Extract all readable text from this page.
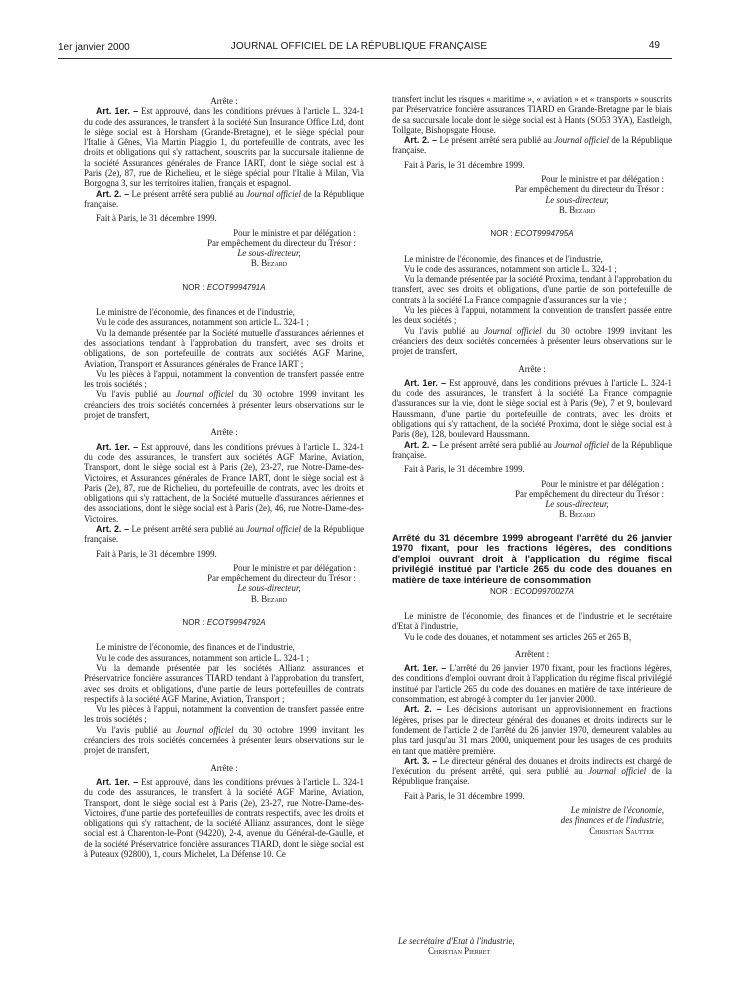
1er janvier 2000	JOURNAL OFFICIEL DE LA RÉPUBLIQUE FRANÇAISE	49

Arrête :

Art. 1er. – Est approuvé, dans les conditions prévues à l'article L. 324-1 du code des assurances, le transfert à la société Sun Insurance Office Ltd, dont le siège social est à Horsham (Grande-Bretagne), et le siège spécial pour l'Italie à Gênes, Via Martin Piaggio 1, du portefeuille de contrats, avec les droits et obligations qui s'y rattachent, souscrits par la succursale italienne de la société Assurances générales de France IART, dont le siège social est à Paris (2e), 87, rue de Richelieu, et le siège spécial pour l'Italie à Milan, Via Borgogna 3, sur les territoires italien, français et espagnol.

Art. 2. – Le présent arrêté sera publié au Journal officiel de la République française.

Fait à Paris, le 31 décembre 1999.

Pour le ministre et par délégation :

Par empêchement du directeur du Trésor :

Le sous-directeur,

B. Bezard

NOR : ECOT9994791A

Le ministre de l'économie, des finances et de l'industrie,

Vu le code des assurances, notamment son article L. 324-1 ;

Vu la demande présentée par la Société mutuelle d'assurances aériennes et des associations tendant à l'approbation du transfert, avec ses droits et obligations, de son portefeuille de contrats aux sociétés AGF Marine, Aviation, Transport et Assurances générales de France IART ;

Vu les pièces à l'appui, notamment la convention de transfert passée entre les trois sociétés ;

Vu l'avis publié au Journal officiel du 30 octobre 1999 invitant les créanciers des trois sociétés concernées à présenter leurs observations sur le projet de transfert,

Arrête :

Art. 1er. – Est approuvé, dans les conditions prévues à l'article L. 324-1 du code des assurances, le transfert aux sociétés AGF Marine, Aviation, Transport, dont le siège social est à Paris (2e), 23-27, rue Notre-Dame-des-Victoires, et Assurances générales de France IART, dont le siège social est à Paris (2e), 87, rue de Richelieu, du portefeuille de contrats, avec les droits et obligations qui s'y rattachent, de la Société mutuelle d'assurances aériennes et des associations, dont le siège social est à Paris (2e), 46, rue Notre-Dame-des-Victoires.

Art. 2. – Le présent arrêté sera publié au Journal officiel de la République française.

Fait à Paris, le 31 décembre 1999.

Pour le ministre et par délégation :

Par empêchement du directeur du Trésor :

Le sous-directeur,

B. Bezard

NOR : ECOT9994792A

Le ministre de l'économie, des finances et de l'industrie,

Vu le code des assurances, notamment son article L. 324-1 ;

Vu la demande présentée par les sociétés Allianz assurances et Préservatrice foncière assurances TIARD tendant à l'approbation du transfert, avec ses droits et obligations, d'une partie de leurs portefeuilles de contrats respectifs à la société AGF Marine, Aviation, Transport ;

Vu les pièces à l'appui, notamment la convention de transfert passée entre les trois sociétés ;

Vu l'avis publié au Journal officiel du 30 octobre 1999 invitant les créanciers des trois sociétés concernées à présenter leurs observations sur le projet de transfert,

Arrête :

Art. 1er. – Est approuvé, dans les conditions prévues à l'article L. 324-1 du code des assurances, le transfert à la société AGF Marine, Aviation, Transport, dont le siège social est à Paris (2e), 23-27, rue Notre-Dame-des-Victoires, d'une partie des portefeuilles de contrats respectifs, avec les droits et obligations qui s'y rattachent, de la société Allianz assurances, dont le siège social est à Charenton-le-Pont (94220), 2-4, avenue du Général-de-Gaulle, et de la société Préservatrice foncière assurances TIARD, dont le siège social est à Puteaux (92800), 1, cours Michelet, La Défense 10. Ce

transfert inclut les risques « maritime », « aviation » et « transports » souscrits par Préservatrice foncière assurances TIARD en Grande-Bretagne par le biais de sa succursale locale dont le siège social est à Hants (SO53 3YA), Eastleigh, Tollgate, Bishopsgate House.

Art. 2. – Le présent arrêté sera publié au Journal officiel de la République française.

Fait à Paris, le 31 décembre 1999.

Pour le ministre et par délégation :

Par empêchement du directeur du Trésor :

Le sous-directeur,

B. Bezard

NOR : ECOT9994795A

Le ministre de l'économie, des finances et de l'industrie,

Vu le code des assurances, notamment son article L. 324-1 ;

Vu la demande présentée par la société Proxima, tendant à l'approbation du transfert, avec ses droits et obligations, d'une partie de son portefeuille de contrats à la société La France compagnie d'assurances sur la vie ;

Vu les pièces à l'appui, notamment la convention de transfert passée entre les deux sociétés ;

Vu l'avis publié au Journal officiel du 30 octobre 1999 invitant les créanciers des deux sociétés concernées à présenter leurs observations sur le projet de transfert,

Arrête :

Art. 1er. – Est approuvé, dans les conditions prévues à l'article L. 324-1 du code des assurances, le transfert à la société La France compagnie d'assurances sur la vie, dont le siège social est à Paris (9e), 7 et 9, boulevard Haussmann, d'une partie du portefeuille de contrats, avec les droits et obligations qui s'y rattachent, de la société Proxima, dont le siège social est à Paris (8e), 128, boulevard Haussmann.

Art. 2. – Le présent arrêté sera publié au Journal officiel de la République française.

Fait à Paris, le 31 décembre 1999.

Pour le ministre et par délégation :

Par empêchement du directeur du Trésor :

Le sous-directeur,

B. Bezard

Arrêté du 31 décembre 1999 abrogeant l'arrêté du 26 janvier 1970 fixant, pour les fractions légères, des conditions d'emploi ouvrant droit à l'application du régime fiscal privilégié institué par l'article 265 du code des douanes en matière de taxe intérieure de consommation

NOR : ECOD9970027A

Le ministre de l'économie, des finances et de l'industrie et le secrétaire d'Etat à l'industrie,

Vu le code des douanes, et notamment ses articles 265 et 265 B,

Arrêtent :

Art. 1er. – L'arrêté du 26 janvier 1970 fixant, pour les fractions légères, des conditions d'emploi ouvrant droit à l'application du régime fiscal privilégié institué par l'article 265 du code des douanes en matière de taxe intérieure de consommation, est abrogé à compter du 1er janvier 2000.

Art. 2. – Les décisions autorisant un approvisionnement en fractions légères, prises par le directeur général des douanes et droits indirects sur le fondement de l'article 2 de l'arrêté du 26 janvier 1970, demeurent valables au plus tard jusqu'au 31 mars 2000, uniquement pour les usages de ces produits en tant que matière première.

Art. 3. – Le directeur général des douanes et droits indirects est chargé de l'exécution du présent arrêté, qui sera publié au Journal officiel de la République française.

Fait à Paris, le 31 décembre 1999.

Le ministre de l'économie,

des finances et de l'industrie,

Christian Sautter

Le secrétaire d'Etat à l'industrie,

Christian Pierret
